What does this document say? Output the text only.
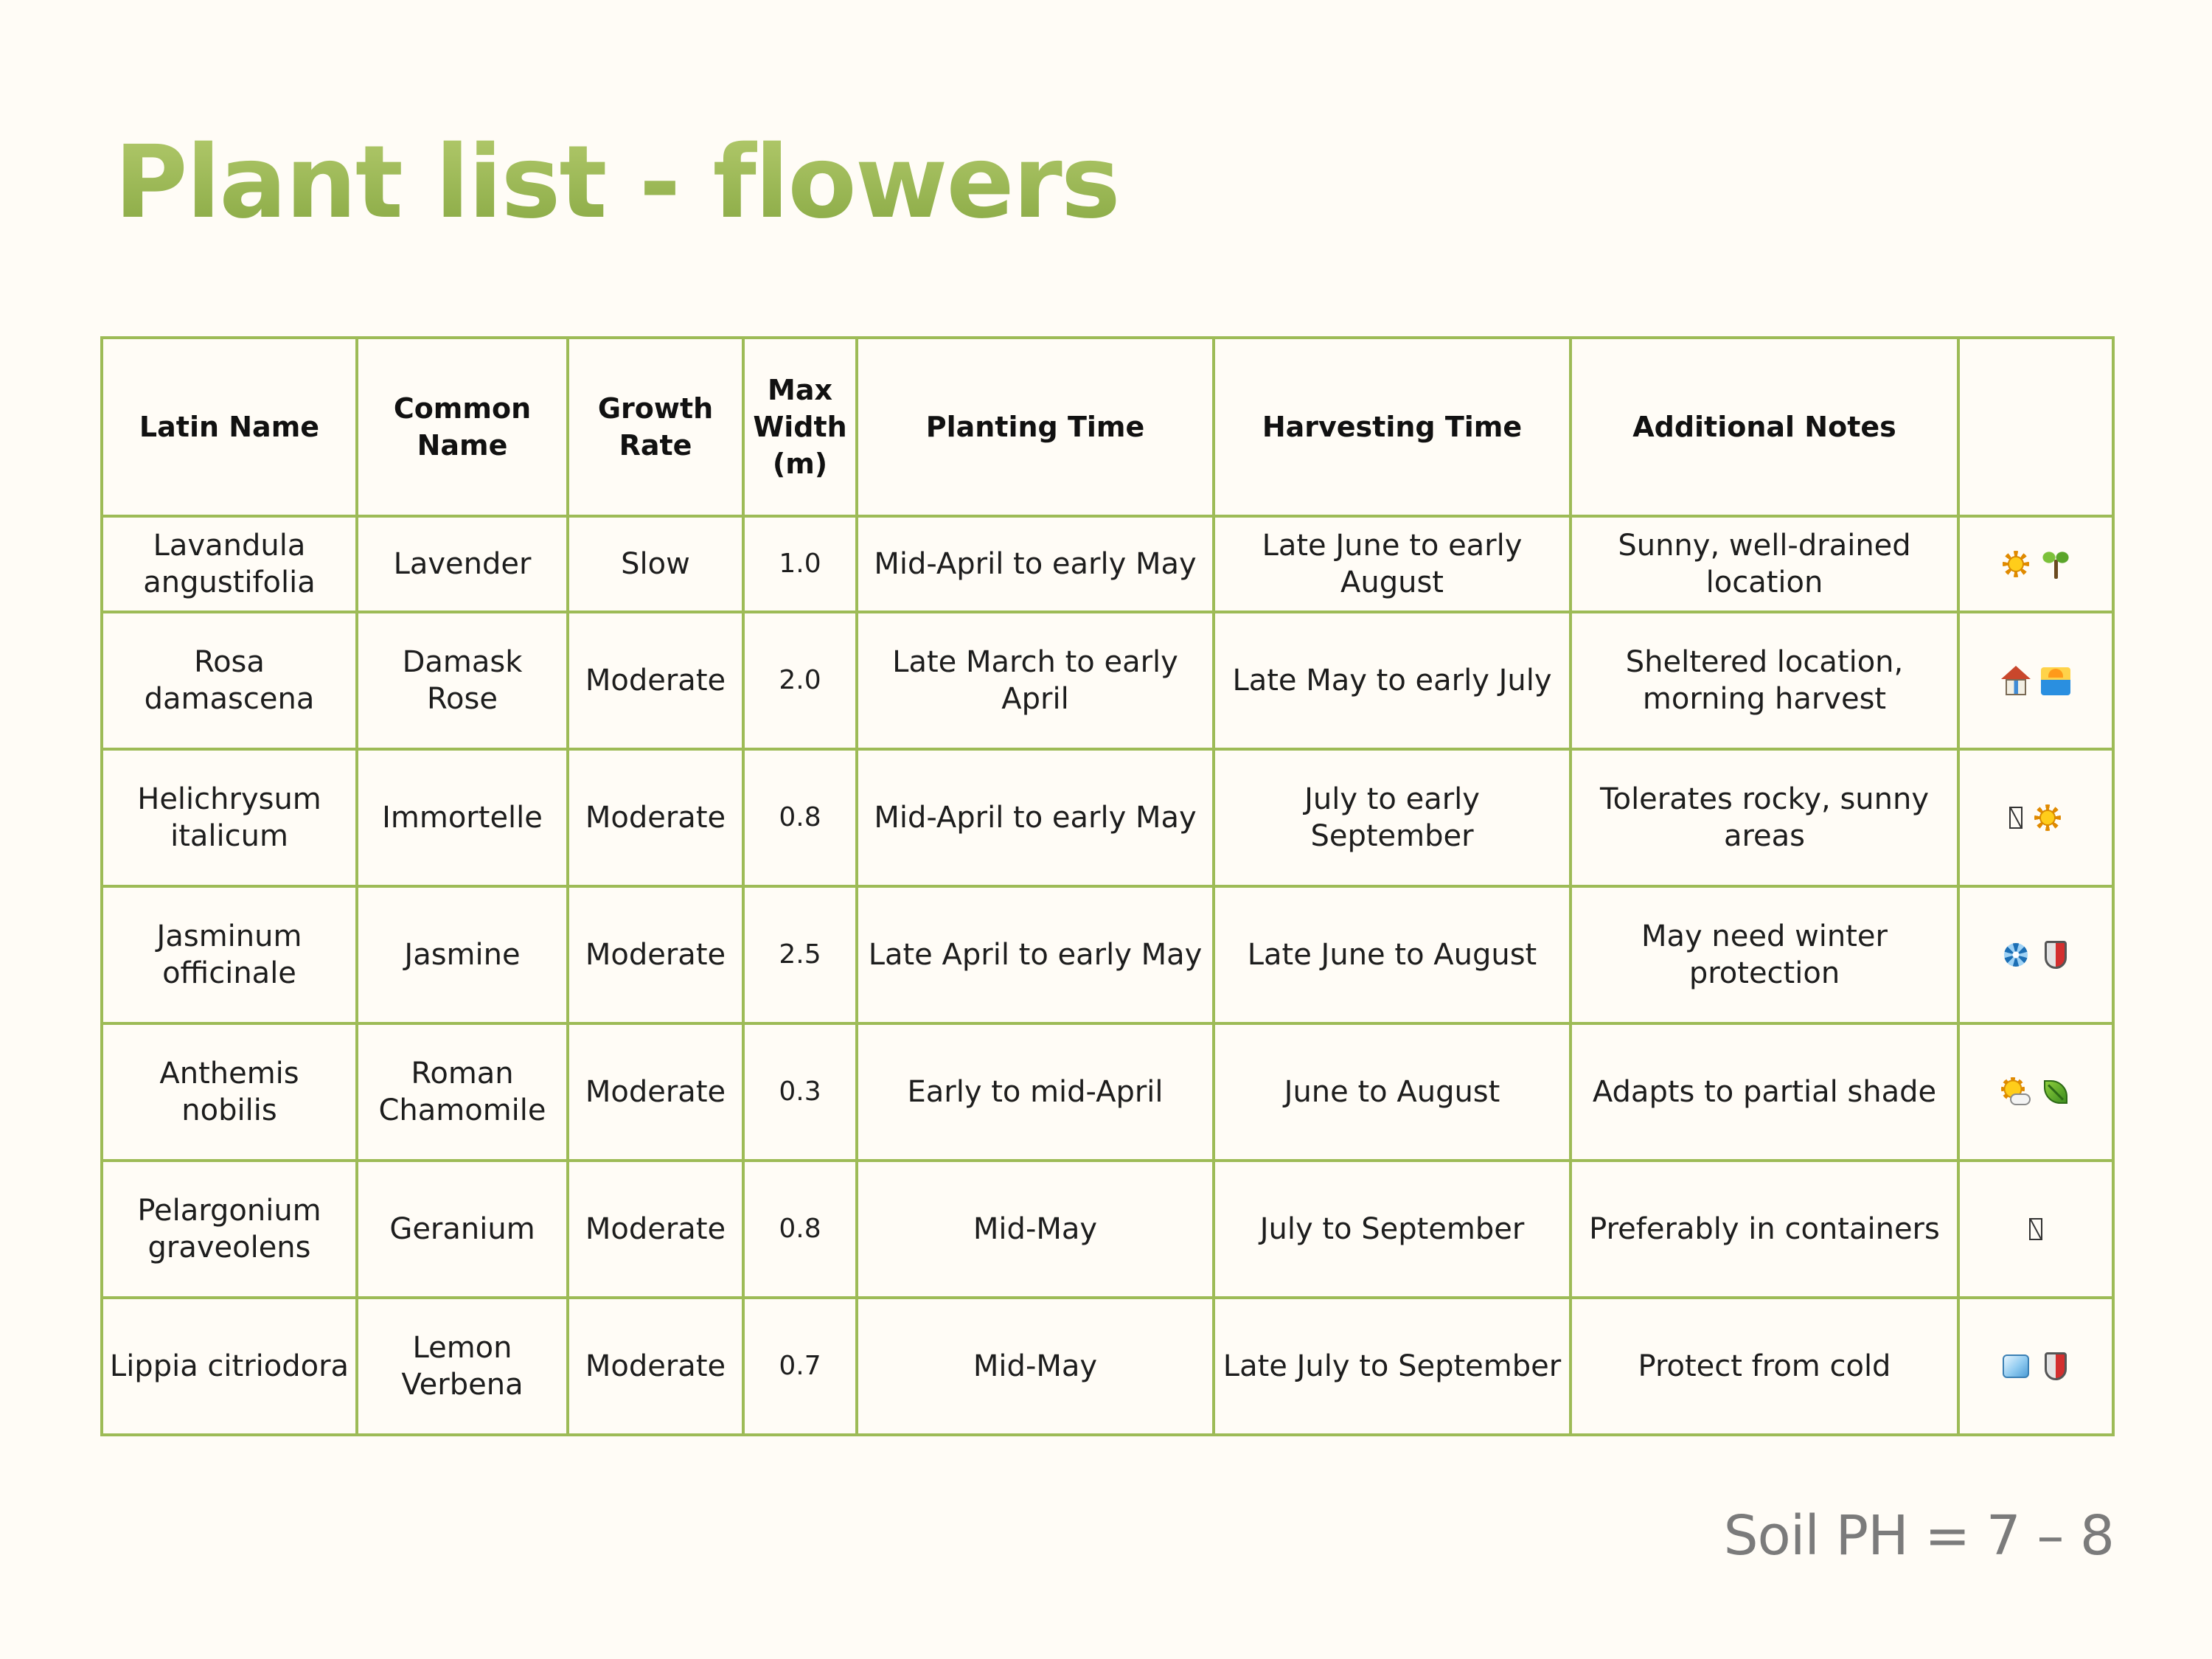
Plant list - flowers
Latin Name	Common Name	Growth Rate	Max Width (m)	Planting Time	Harvesting Time	Additional Notes	
Lavandula angustifolia	Lavender	Slow	1.0	Mid-April to early May	Late June to early August	Sunny, well-drained location	

Rosa damascena	Damask Rose	Moderate	2.0	Late March to early April	Late May to early July	Sheltered location, morning harvest	

Helichrysum italicum	Immortelle	Moderate	0.8	Mid-April to early May	July to early September	Tolerates rocky, sunny areas	

Jasminum officinale	Jasmine	Moderate	2.5	Late April to early May	Late June to August	May need winter protection	

Anthemis nobilis	Roman Chamomile	Moderate	0.3	Early to mid-April	June to August	Adapts to partial shade	

Pelargonium graveolens	Geranium	Moderate	0.8	Mid-May	July to September	Preferably in containers	

Lippia citriodora	Lemon Verbena	Moderate	0.7	Mid-May	Late July to September	Protect from cold	

Soil PH = 7 – 8
